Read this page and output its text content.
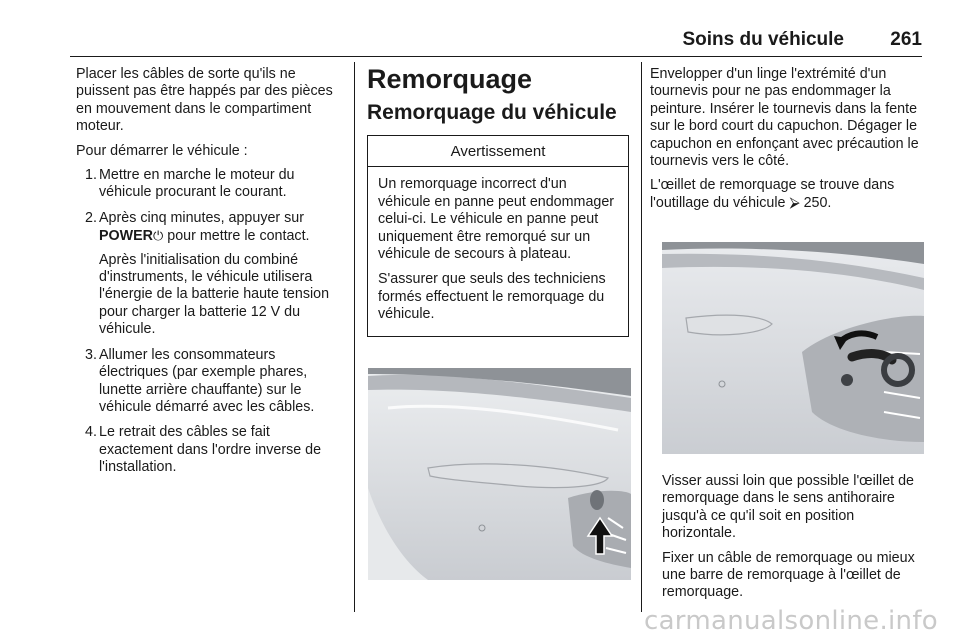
Soins du véhicule 261

Placer les câbles de sorte qu'ils ne puissent pas être happés par des pièces en mouvement dans le compartiment moteur.

Pour démarrer le véhicule :

1. Mettre en marche le moteur du véhicule procurant le courant.
2. Après cinq minutes, appuyer sur POWER⏻ pour mettre le contact.

Après l'initialisation du combiné d'instruments, le véhicule utilisera l'énergie de la batterie haute tension pour charger la batterie 12 V du véhicule.

3. Allumer les consommateurs électriques (par exemple phares, lunette arrière chauffante) sur le véhicule démarré avec les câbles.
4. Le retrait des câbles se fait exactement dans l'ordre inverse de l'installation.
Remorquage
Remorquage du véhicule
Avertissement

Un remorquage incorrect d'un véhicule en panne peut endommager celui-ci. Le véhicule en panne peut uniquement être remorqué sur un véhicule de secours à plateau.

S'assurer que seuls des techniciens formés effectuent le remorquage du véhicule.

Envelopper d'un linge l'extrémité d'un tournevis pour ne pas endommager la peinture. Insérer le tournevis dans la fente sur le bord court du capuchon. Dégager le capuchon en enfonçant avec précaution le tournevis vers le côté.

L'œillet de remorquage se trouve dans l'outillage du véhicule ⮚ 250.

Visser aussi loin que possible l'œillet de remorquage dans le sens antihoraire jusqu'à ce qu'il soit en position horizontale.

Fixer un câble de remorquage ou mieux une barre de remorquage à l'œillet de remorquage.

carmanualsonline.info
